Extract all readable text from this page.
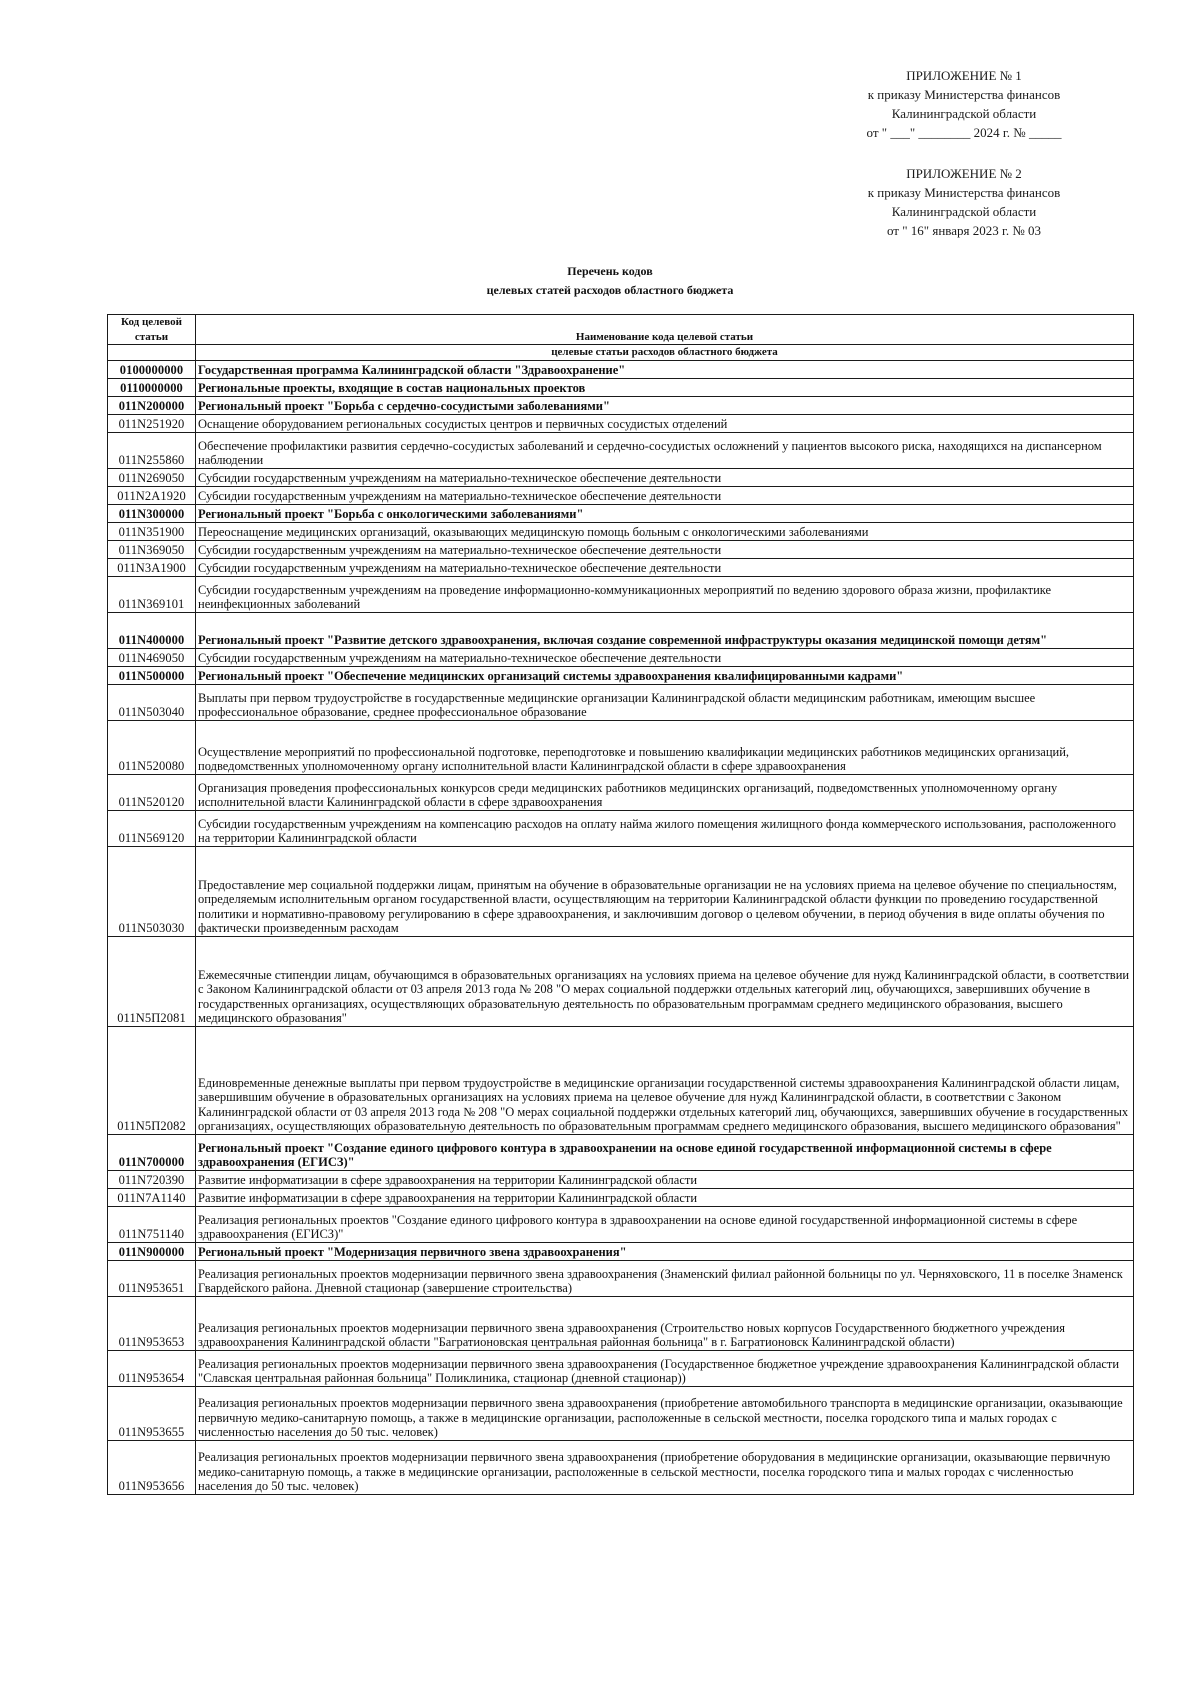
ПРИЛОЖЕНИЕ № 1
к приказу Министерства финансов
Калининградской области
от " ___" ________ 2024 г. № _____
ПРИЛОЖЕНИЕ № 2
к приказу Министерства финансов
Калининградской области
от " 16" января 2023 г. № 03
Перечень кодов
целевых статей расходов областного бюджета
Код целевой статьи	Наименование кода целевой статьи
	целевые статьи расходов областного бюджета
0100000000	Государственная программа Калининградской области "Здравоохранение"
0110000000	Региональные проекты, входящие в состав национальных проектов
011N200000	Региональный проект "Борьба с сердечно-сосудистыми заболеваниями"
011N251920	Оснащение оборудованием региональных сосудистых центров и первичных сосудистых отделений
011N255860	Обеспечение профилактики развития сердечно-сосудистых заболеваний и сердечно-сосудистых осложнений у пациентов высокого риска, находящихся на диспансерном наблюдении
011N269050	Субсидии государственным учреждениям на материально-техническое обеспечение деятельности
011N2A1920	Субсидии государственным учреждениям на материально-техническое обеспечение деятельности
011N300000	Региональный проект "Борьба с онкологическими заболеваниями"
011N351900	Переоснащение медицинских организаций, оказывающих медицинскую помощь больным с онкологическими заболеваниями
011N369050	Субсидии государственным учреждениям на материально-техническое обеспечение деятельности
011N3A1900	Субсидии государственным учреждениям на материально-техническое обеспечение деятельности
011N369101	Субсидии государственным учреждениям на проведение информационно-коммуникационных мероприятий по ведению здорового образа жизни, профилактике неинфекционных заболеваний
011N400000	Региональный проект "Развитие детского здравоохранения, включая создание современной инфраструктуры оказания медицинской помощи детям"
011N469050	Субсидии государственным учреждениям на материально-техническое обеспечение деятельности
011N500000	Региональный проект "Обеспечение медицинских организаций системы здравоохранения квалифицированными кадрами"
011N503040	Выплаты при первом трудоустройстве в государственные медицинские организации Калининградской области медицинским работникам, имеющим высшее профессиональное образование, среднее профессиональное образование
011N520080	Осуществление мероприятий по профессиональной подготовке, переподготовке и повышению квалификации медицинских работников медицинских организаций, подведомственных уполномоченному органу исполнительной власти Калининградской области в сфере здравоохранения
011N520120	Организация проведения профессиональных конкурсов среди медицинских работников медицинских организаций, подведомственных уполномоченному органу исполнительной власти Калининградской области в сфере здравоохранения
011N569120	Субсидии государственным учреждениям на компенсацию расходов на оплату найма жилого помещения жилищного фонда коммерческого использования, расположенного на территории Калининградской области
011N503030	Предоставление мер социальной поддержки лицам, принятым на обучение в образовательные организации не на условиях приема на целевое обучение по специальностям, определяемым исполнительным органом государственной власти, осуществляющим на территории Калининградской области функции по проведению государственной политики и нормативно-правовому регулированию в сфере здравоохранения, и заключившим договор о целевом обучении, в период обучения в виде оплаты обучения по фактически произведенным расходам
011N5П2081	Ежемесячные стипендии лицам, обучающимся в образовательных организациях на условиях приема на целевое обучение для нужд Калининградской области, в соответствии с Законом Калининградской области от 03 апреля 2013 года № 208 "О мерах социальной поддержки отдельных категорий лиц, обучающихся, завершивших обучение в государственных организациях, осуществляющих образовательную деятельность по образовательным программам среднего медицинского образования, высшего медицинского образования"
011N5П2082	Единовременные денежные выплаты при первом трудоустройстве в медицинские организации государственной системы здравоохранения Калининградской области лицам, завершившим обучение в образовательных организациях на условиях приема на целевое обучение для нужд Калининградской области, в соответствии с Законом Калининградской области от 03 апреля 2013 года № 208 "О мерах социальной поддержки отдельных категорий лиц, обучающихся, завершивших обучение в государственных организациях, осуществляющих образовательную деятельность по образовательным программам среднего медицинского образования, высшего медицинского образования"
011N700000	Региональный проект "Создание единого цифрового контура в здравоохранении на основе единой государственной информационной системы в сфере здравоохранения (ЕГИСЗ)"
011N720390	Развитие информатизации в сфере здравоохранения на территории Калининградской области
011N7A1140	Развитие информатизации в сфере здравоохранения на территории Калининградской области
011N751140	Реализация региональных проектов "Создание единого цифрового контура в здравоохранении на основе единой государственной информационной системы в сфере здравоохранения (ЕГИСЗ)"
011N900000	Региональный проект "Модернизация первичного звена здравоохранения"
011N953651	Реализация региональных проектов модернизации первичного звена здравоохранения (Знаменский филиал районной больницы по ул. Черняховского, 11 в поселке Знаменск Гвардейского района. Дневной стационар (завершение строительства)
011N953653	Реализация региональных проектов модернизации первичного звена здравоохранения (Строительство новых корпусов Государственного бюджетного учреждения здравоохранения Калининградской области "Багратионовская центральная районная больница" в г. Багратионовск Калининградской области)
011N953654	Реализация региональных проектов модернизации первичного звена здравоохранения (Государственное бюджетное учреждение здравоохранения Калининградской области "Славская центральная районная больница" Поликлиника, стационар (дневной стационар))
011N953655	Реализация региональных проектов модернизации первичного звена здравоохранения (приобретение автомобильного транспорта в медицинские организации, оказывающие первичную медико-санитарную помощь, а также в медицинские организации, расположенные в сельской местности, поселка городского типа и малых городах с численностью населения до 50 тыс. человек)
011N953656	Реализация региональных проектов модернизации первичного звена здравоохранения (приобретение оборудования в медицинские организации, оказывающие первичную медико-санитарную помощь, а также в медицинские организации, расположенные в сельской местности, поселка городского типа и малых городах с численностью населения до 50 тыс. человек)
